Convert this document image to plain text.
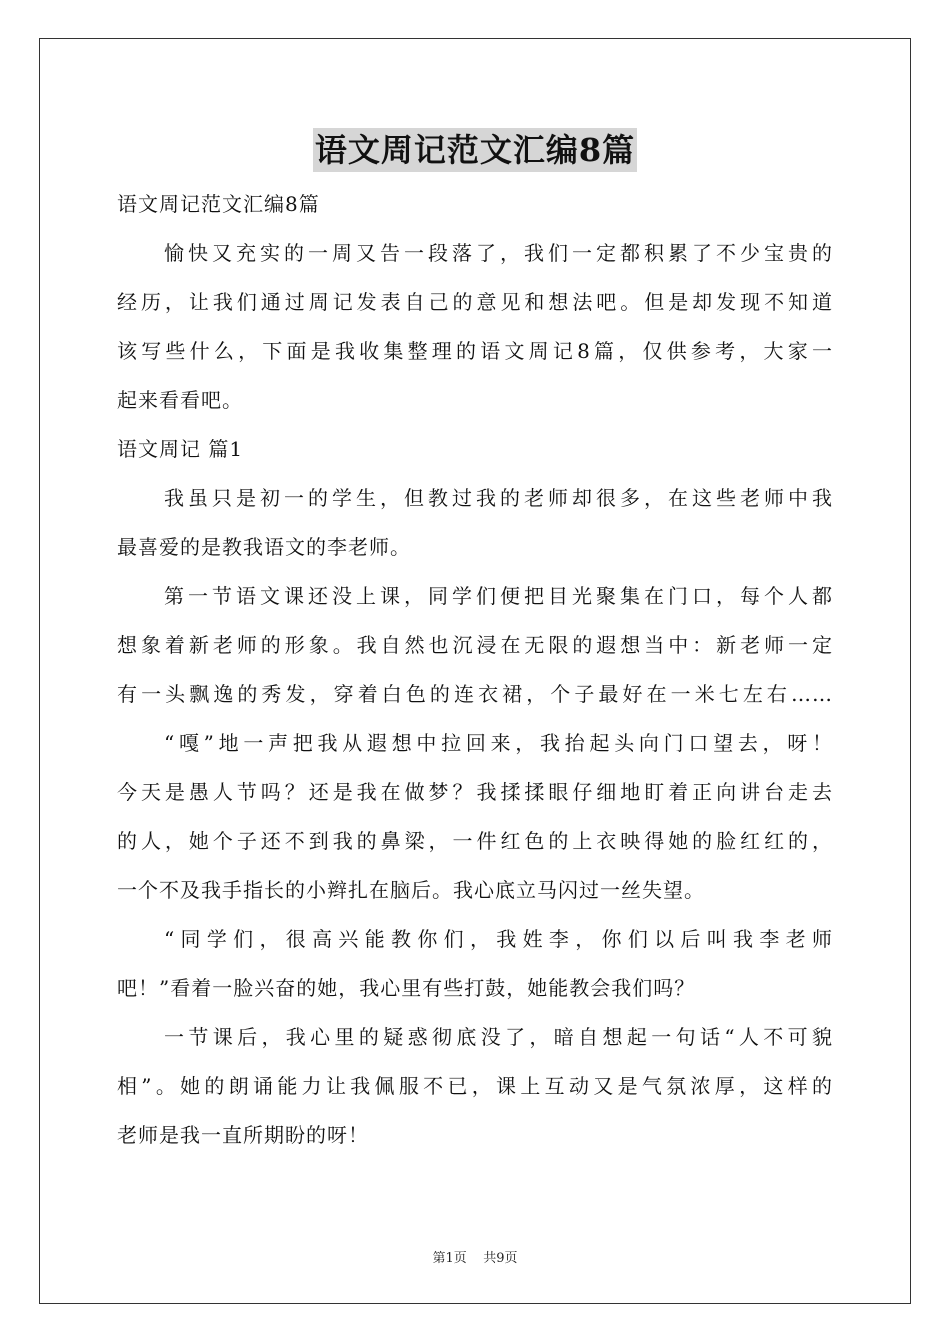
语文周记范文汇编8篇
语文周记范文汇编8篇
愉快又充实的一周又告一段落了，我们一定都积累了不少宝贵的
经历，让我们通过周记发表自己的意见和想法吧。但是却发现不知道
该写些什么，下面是我收集整理的语文周记8篇，仅供参考，大家一
起来看看吧。
语文周记 篇1
我虽只是初一的学生，但教过我的老师却很多，在这些老师中我
最喜爱的是教我语文的李老师。
第一节语文课还没上课，同学们便把目光聚集在门口，每个人都
想象着新老师的形象。我自然也沉浸在无限的遐想当中：新老师一定
有一头飘逸的秀发，穿着白色的连衣裙，个子最好在一米七左右……
“嘎”地一声把我从遐想中拉回来，我抬起头向门口望去，呀！
今天是愚人节吗？还是我在做梦？我揉揉眼仔细地盯着正向讲台走去
的人，她个子还不到我的鼻梁，一件红色的上衣映得她的脸红红的，
一个不及我手指长的小辫扎在脑后。我心底立马闪过一丝失望。
“同学们，很高兴能教你们，我姓李，你们以后叫我李老师
吧！”看着一脸兴奋的她，我心里有些打鼓，她能教会我们吗？
一节课后，我心里的疑惑彻底没了，暗自想起一句话“人不可貌
相”。她的朗诵能力让我佩服不已，课上互动又是气氛浓厚，这样的
老师是我一直所期盼的呀！
第1页 共9页
